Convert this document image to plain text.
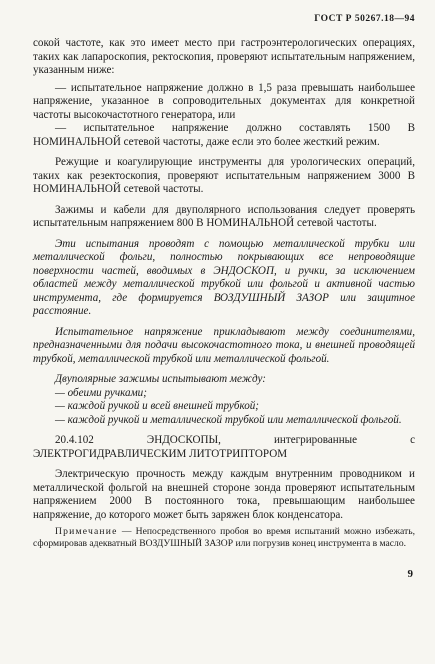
ГОСТ Р 50267.18—94

сокой частоте, как это имеет место при гастроэнтерологических операциях, таких как лапароскопия, ректоскопия, проверяют испытательным напряжением, указанным ниже:

— испытательное напряжение должно в 1,5 раза превышать наибольшее напряжение, указанное в сопроводительных документах для конкретной частоты высокочастотного генератора, или

— испытательное напряжение должно составлять 1500 В НОМИНАЛЬНОЙ сетевой частоты, даже если это более жесткий режим.

Режущие и коагулирующие инструменты для урологических операций, таких как резектоскопия, проверяют испытательным напряжением 3000 В НОМИНАЛЬНОЙ сетевой частоты.

Зажимы и кабели для двуполярного использования следует проверять испытательным напряжением 800 В НОМИНАЛЬНОЙ сетевой частоты.

Эти испытания проводят с помощью металлической трубки или металлической фольги, полностью покрывающих все непроводящие поверхности частей, вводимых в ЭНДОСКОП, и ручки, за исключением областей между металлической трубкой или фольгой и активной частью инструмента, где формируется ВОЗДУШНЫЙ ЗАЗОР или защитное расстояние.

Испытательное напряжение прикладывают между соединителями, предназначенными для подачи высокочастотного тока, и внешней проводящей трубкой, металлической трубкой или металлической фольгой.

Двуполярные зажимы испытывают между:

— обеими ручками;

— каждой ручкой и всей внешней трубкой;

— каждой ручкой и металлической трубкой или металлической фольгой.

20.4.102 ЭНДОСКОПЫ, интегрированные с ЭЛЕКТРОГИДРАВЛИЧЕСКИМ ЛИТОТРИПТОРОМ

Электрическую прочность между каждым внутренним проводником и металлической фольгой на внешней стороне зонда проверяют испытательным напряжением 2000 В постоянного тока, превышающим наибольшее напряжение, до которого может быть заряжен блок конденсатора.

Примечание — Непосредственного пробоя во время испытаний можно избежать, сформировав адекватный ВОЗДУШНЫЙ ЗАЗОР или погрузив конец инструмента в масло.

9
